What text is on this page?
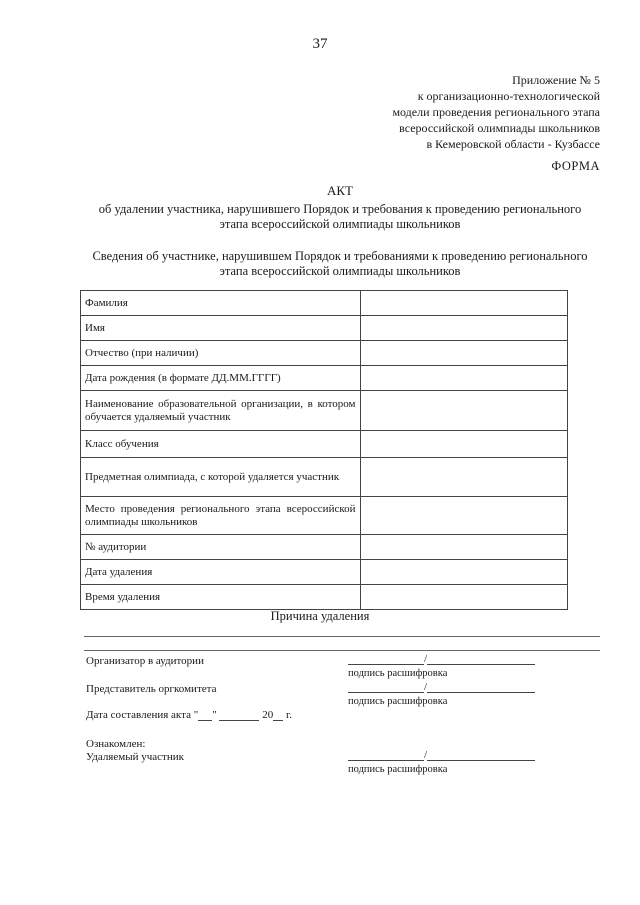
37
Приложение № 5
к организационно-технологической
модели проведения регионального этапа
всероссийской олимпиады школьников
в Кемеровской области - Кузбассе
ФОРМА
АКТ
об удалении участника, нарушившего Порядок и требования к проведению регионального
этапа всероссийской олимпиады школьников
Сведения об участнике, нарушившем Порядок и требованиями к проведению регионального
этапа всероссийской олимпиады школьников
Фамилия	
Имя	
Отчество (при наличии)	
Дата рождения (в формате ДД.ММ.ГГГГ)	
Наименование образовательной организации, в котором обучается удаляемый участник	
Класс обучения	
Предметная олимпиада, с которой удаляется участник	
Место проведения регионального этапа всероссийской олимпиады школьников	
№ аудитории	
Дата удаления	
Время удаления	
Причина удаления
Организатор в аудитории	/
подпись расшифровка
Представитель оргкомитета	/
подпись расшифровка
Дата составления акта " "	20 г.
Ознакомлен:
Удаляемый участник	/
подпись расшифровка
